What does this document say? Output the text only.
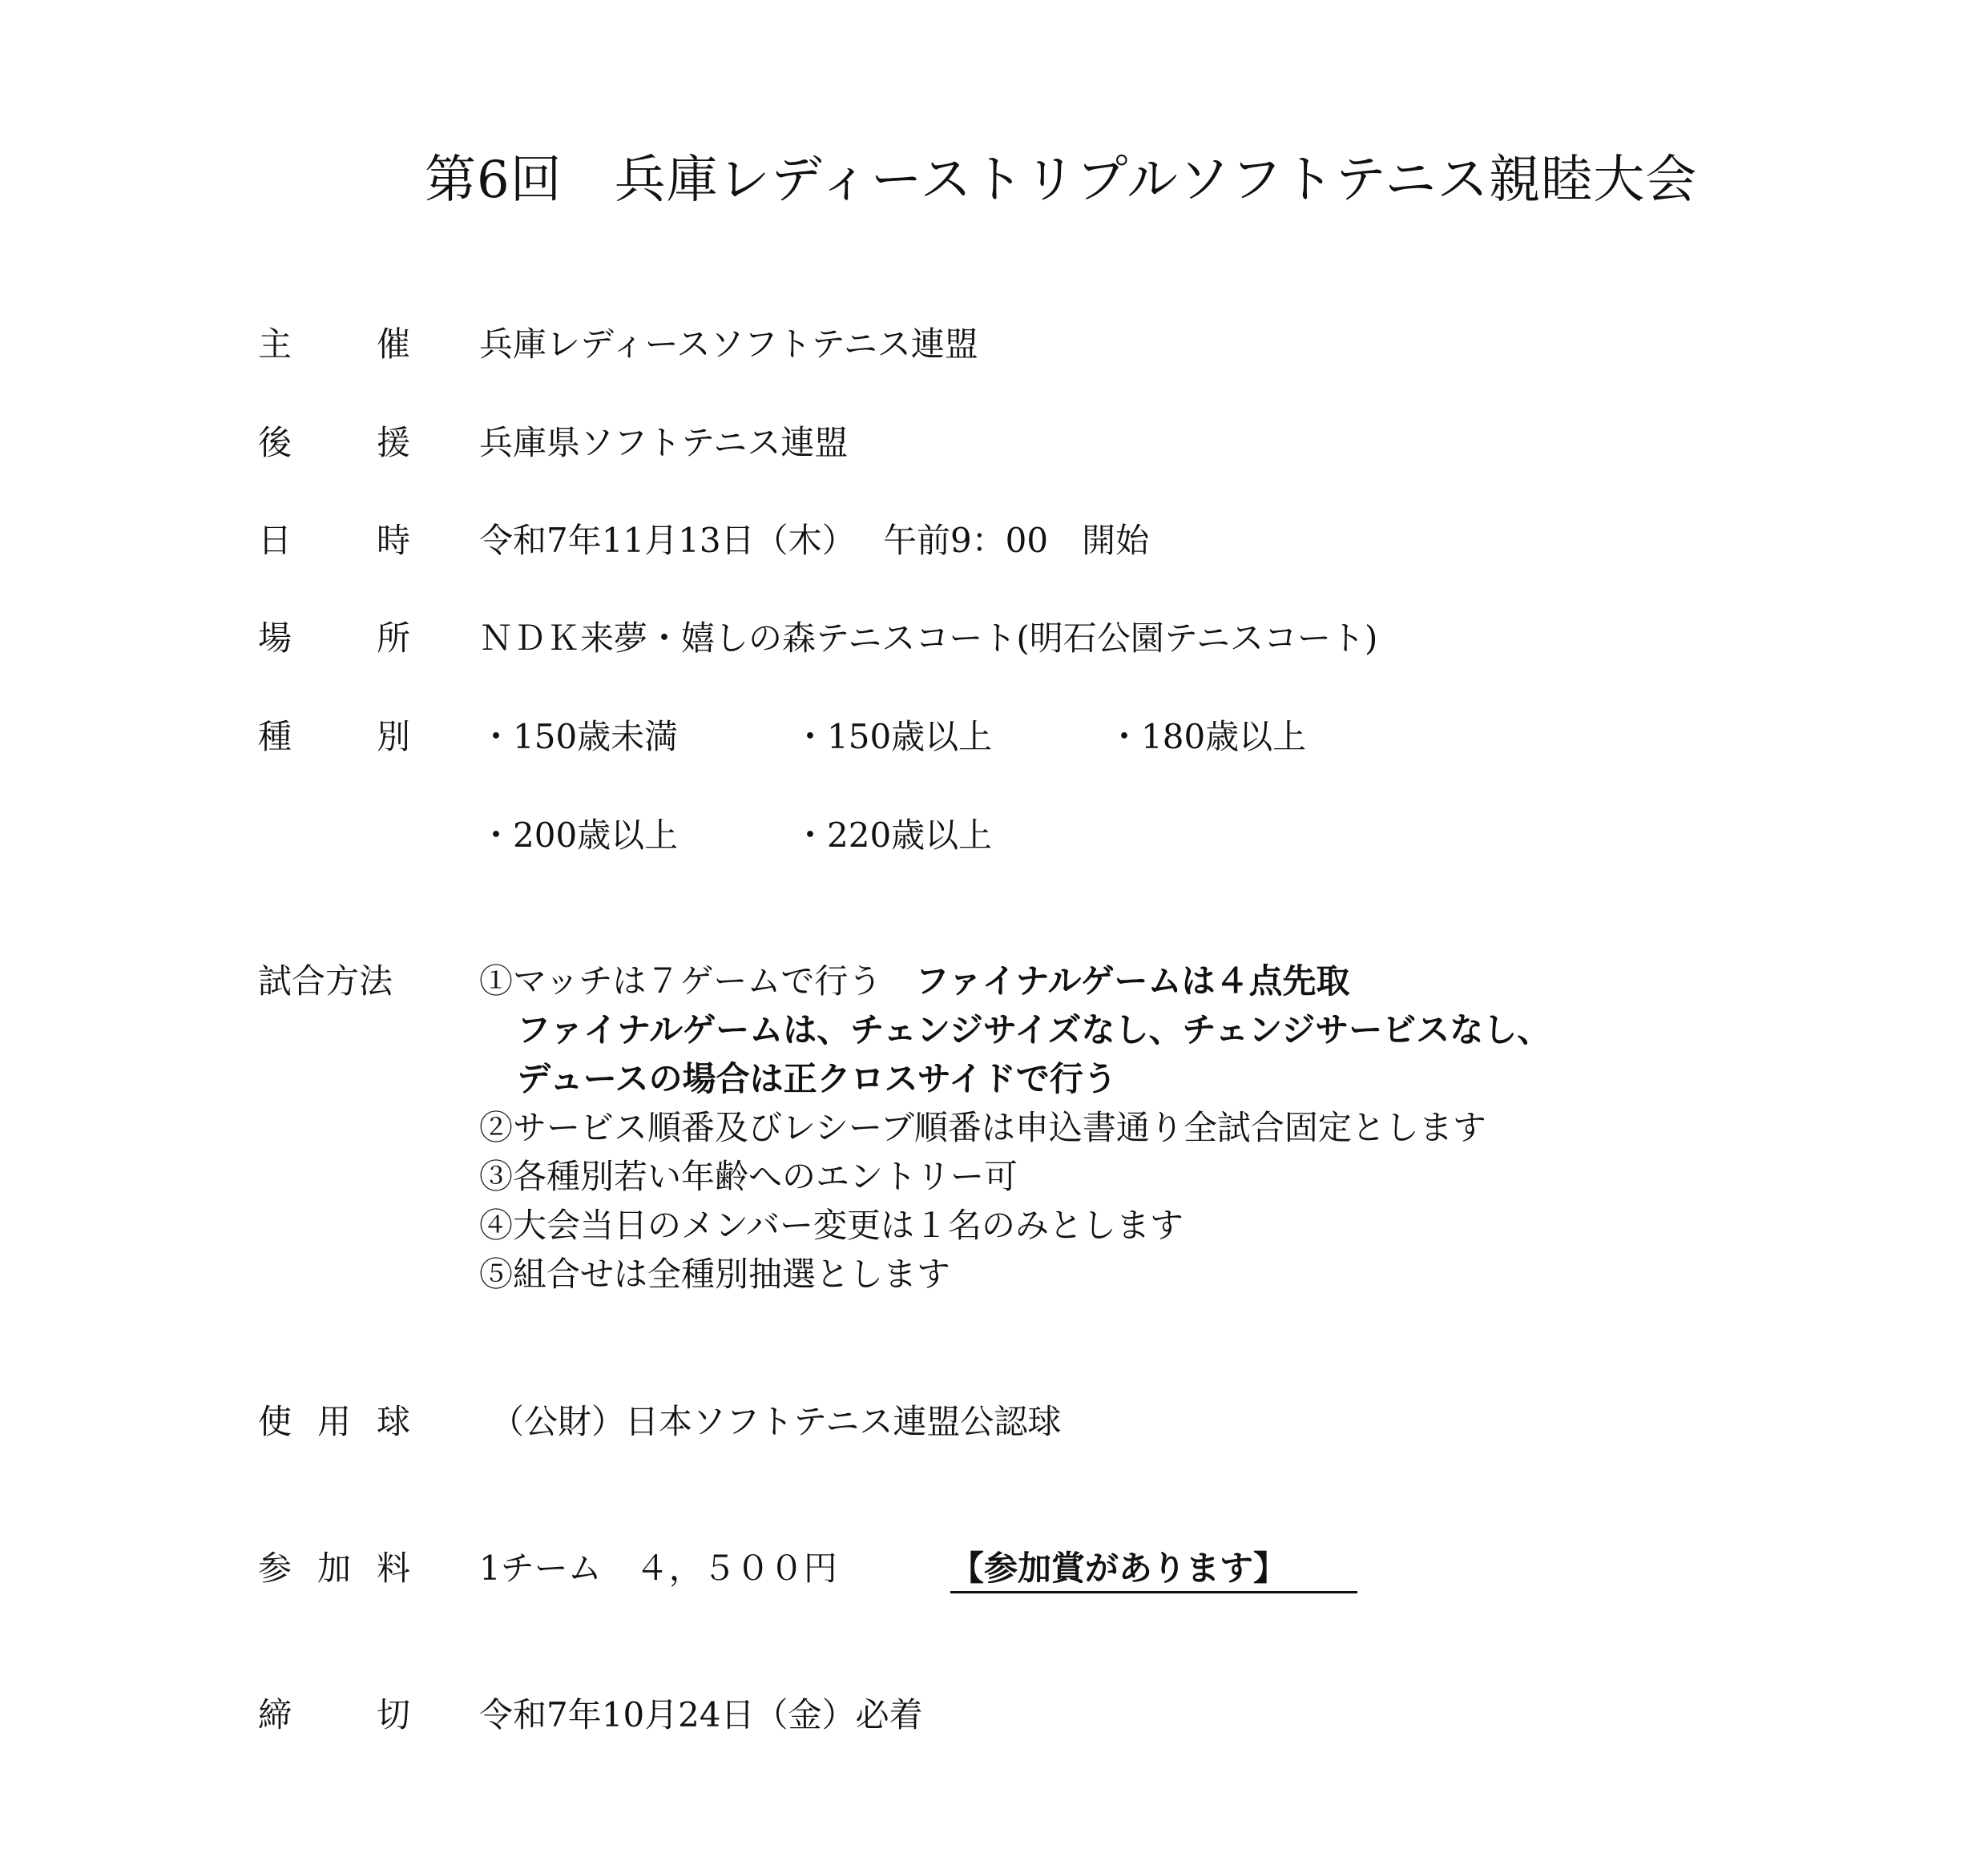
第6回　兵庫レディーストリプルソフトテニス親睦大会
主	催 兵庫レディースソフトテニス連盟
後	援 兵庫県ソフトテニス連盟
日	時 令和7年11月13日（木）　 午前9：00　開始
場	所 ＮＤＫ来夢・嬉しの森テニスコート(明石公園テニスコート)
種	別 ・150歳未満	・150歳以上	・180歳以上
・200歳以上	・220歳以上
試合方法	①マッチは７ゲームで行う　ファイナルゲームは４点先取
ファイナルゲームは、チェンジサイズなし、チェンジサービスなし、
デュースの場合は正クロスサイドで行う
②サービス順番及びレシーブ順番は申込書通り全試合固定とします
③各種別若い年齢へのエントリー可
④大会当日のメンバー変更は１名のみとします
⑤組合せは全種別抽選とします
使 用 球 （公財）日本ソフトテニス連盟公認球
参 加 料 1チーム　４，５００円	【参加賞があります】
締	切 令和7年10月24日（金）必着
